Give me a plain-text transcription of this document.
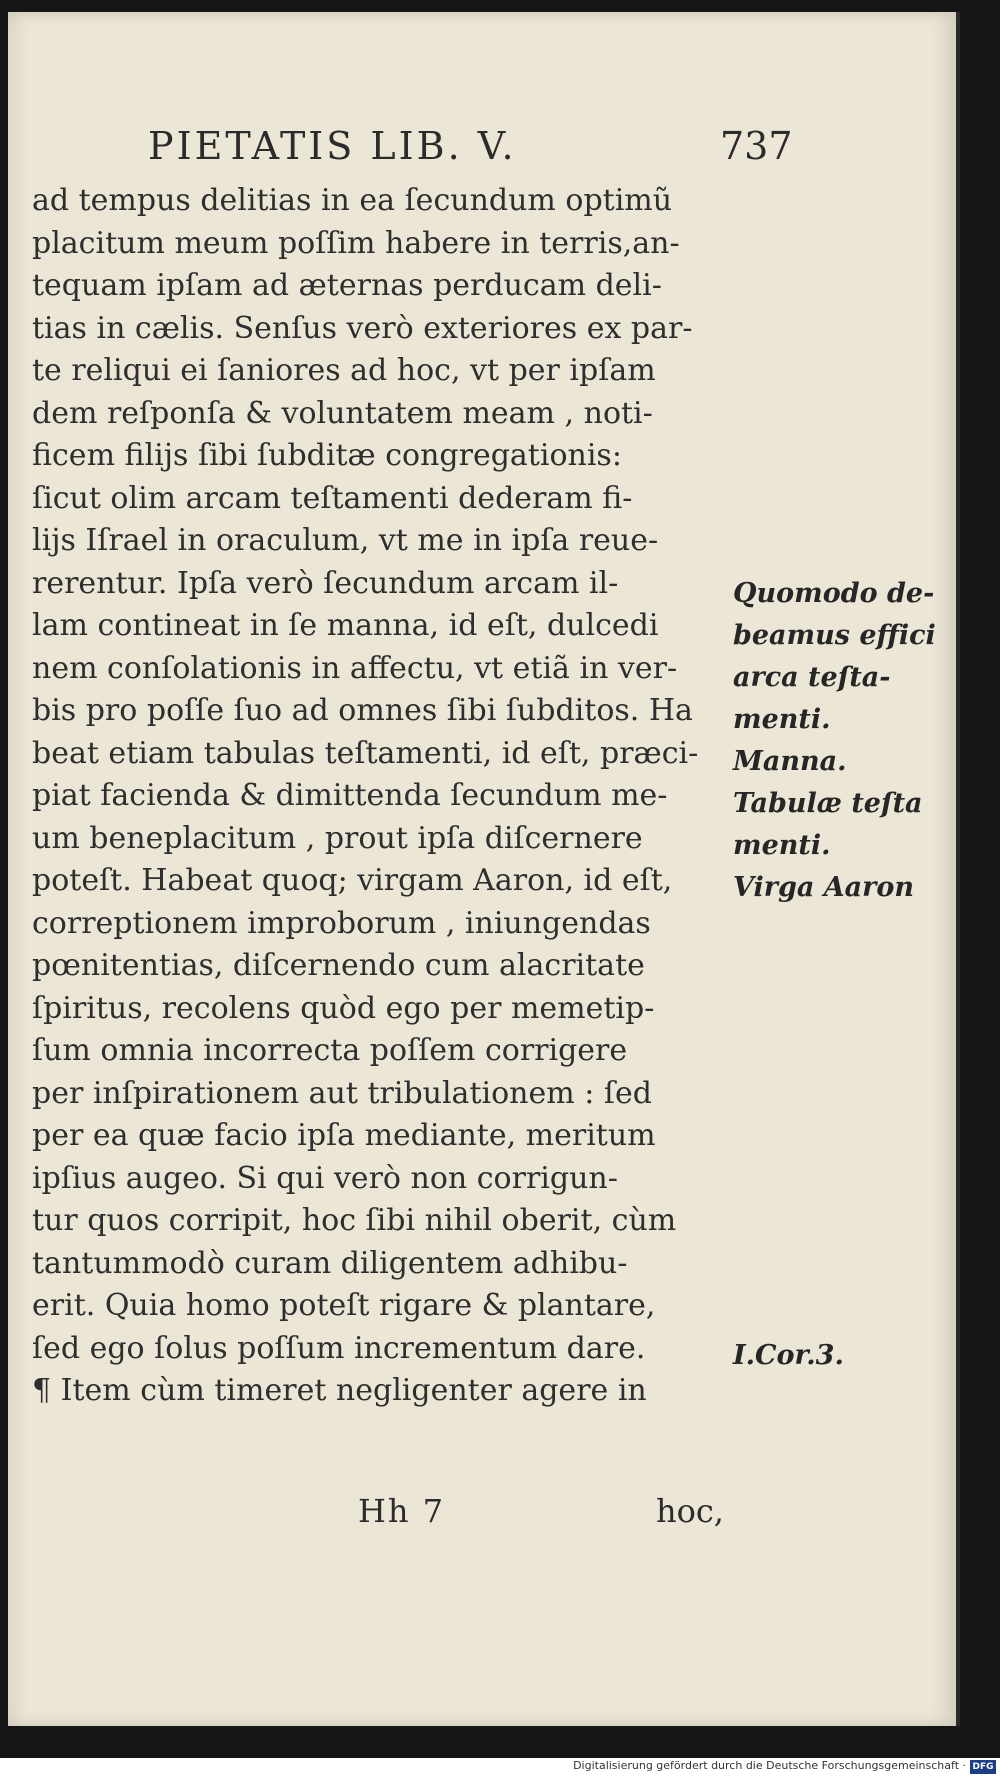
PIETATIS LIB. V.	737
ad tempus delitias in ea ſecundum optimũ
placitum meum poſſim habere in terris,an-
tequam ipſam ad æternas perducam deli-
tias in cælis. Senſus verò exteriores ex par-
te reliqui ei ſaniores ad hoc, vt per ipſam
dem reſponſa & voluntatem meam , noti-
ficem filijs ſibi ſubditæ congregationis:
ſicut olim arcam teſtamenti dederam fi-
lijs Iſrael in oraculum, vt me in ipſa reue-
rerentur. Ipſa verò ſecundum arcam il-
lam contineat in ſe manna, id eſt, dulcedi
nem conſolationis in affectu, vt etiã in ver-
bis pro poſſe ſuo ad omnes ſibi ſubditos. Ha
beat etiam tabulas teſtamenti, id eſt, præci-
piat facienda & dimittenda ſecundum me-
um beneplacitum , prout ipſa diſcernere
poteſt. Habeat quoq; virgam Aaron, id eſt,
correptionem improborum , iniungendas
pœnitentias, diſcernendo cum alacritate
ſpiritus, recolens quòd ego per memetip-
ſum omnia incorrecta poſſem corrigere
per inſpirationem aut tribulationem : ſed
per ea quæ facio ipſa mediante, meritum
ipſius augeo. Si qui verò non corrigun-
tur quos corripit, hoc ſibi nihil oberit, cùm
tantummodò curam diligentem adhibu-
erit. Quia homo poteſt rigare & plantare,
ſed ego ſolus poſſum incrementum dare.
¶ Item cùm timeret negligenter agere in
Quomodo de-
beamus effici
arca teſta-
menti.
Manna.
Tabulæ teſta
menti.
Virga Aaron
I.Cor.3.
Hh 7	hoc,
Digitalisierung gefördert durch die Deutsche Forschungsgemeinschaft · DFG
